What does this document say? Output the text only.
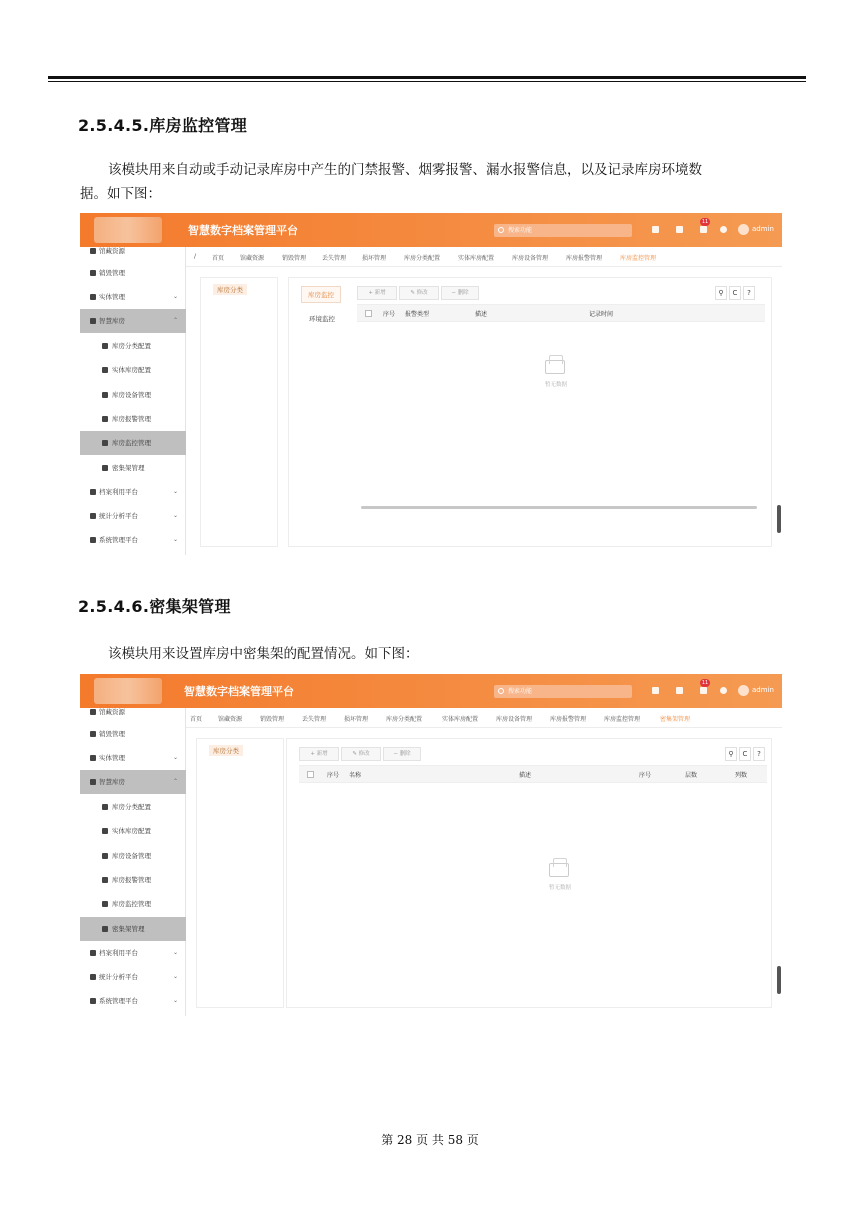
2.5.4.5.库房监控管理
该模块用来自动或手动记录库房中产生的门禁报警、烟雾报警、漏水报警信息，以及记录库房环境数
据。如下图：
智慧数字档案管理平台	搜索功能
11
admin
馆藏资源
销毁管理
实体管理	⌄
智慧库房	⌃
库房分类配置
实体库房配置
库房设备管理
库房报警管理
库房监控管理
密集架管理
档案利用平台	⌄
统计分析平台	⌄
系统管理平台	⌄
/	首页	馆藏资源	销毁管理	丢失管理	损坏管理	库房分类配置	实体库房配置	库房设备管理	库房报警管理	库房监控管理
库房分类
库房监控
环境监控
+ 新增	✎ 修改	− 删除	⚲	C	?
序号 报警类型	描述	记录时间
暂无数据
2.5.4.6.密集架管理
该模块用来设置库房中密集架的配置情况。如下图：
智慧数字档案管理平台	搜索功能
11
admin
馆藏资源
销毁管理
实体管理	⌄
智慧库房	⌃
库房分类配置
实体库房配置
库房设备管理
库房报警管理
库房监控管理
密集架管理
档案利用平台	⌄
统计分析平台	⌄
系统管理平台	⌄
首页	馆藏资源	销毁管理	丢失管理	损坏管理	库房分类配置	实体库房配置	库房设备管理	库房报警管理	库房监控管理	密集架管理
库房分类	+ 新增	✎ 修改	− 删除	⚲	C	?
序号 名称	描述	序号	层数	列数
暂无数据
第 28 页 共 58 页
